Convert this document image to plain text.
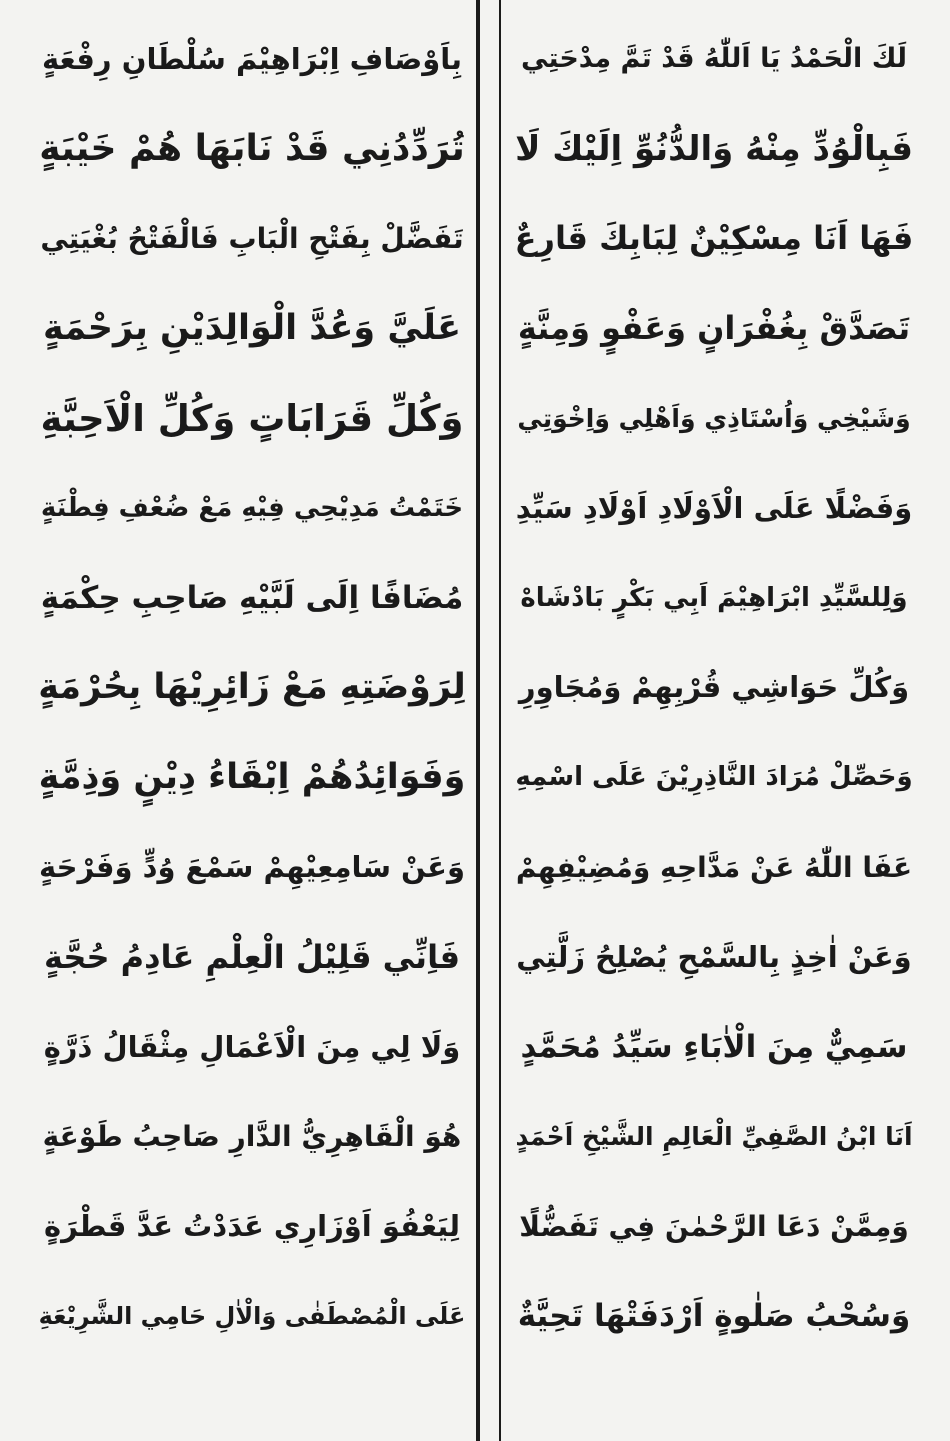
لَكَ الْحَمْدُ يَا اَللّٰهُ قَدْ تَمَّ مِدْحَتِي
فَبِالْوُدِّ مِنْهُ وَالدُّنُوِّ اِلَيْكَ لَا
فَهَا اَنَا مِسْكِيْنٌ لِبَابِكَ قَارِعٌ
تَصَدَّقْ بِغُفْرَانٍ وَعَفْوٍ وَمِنَّةٍ
وَشَيْخِي وَاُسْتَاذِي وَاَهْلِي وَاِخْوَتِي
وَفَضْلًا عَلَى الْاَوْلَادِ اَوْلَادِ سَيِّدِ
وَلِلسَّيِّدِ ابْرَاهِيْمَ اَبِي بَكْرٍ بَادْشَاهْ
وَكُلِّ حَوَاشِي قُرْبِهِمْ وَمُجَاوِرِ
وَحَصِّلْ مُرَادَ النَّاذِرِيْنَ عَلَى اسْمِهِ
عَفَا اللّٰهُ عَنْ مَدَّاحِهِ وَمُضِيْفِهِمْ
وَعَنْ اٰخِذٍ بِالسَّمْحِ يُصْلِحُ زَلَّتِي
سَمِيٌّ مِنَ الْاٰبَاءِ سَيِّدُ مُحَمَّدٍ
اَنَا ابْنُ الصَّفِيِّ الْعَالِمِ الشَّيْخِ اَحْمَدٍ
وَمِمَّنْ دَعَا الرَّحْمٰنَ فِي تَفَضُّلًا
وَسُحْبُ صَلٰوةٍ اَرْدَفَتْهَا تَحِيَّةٌ
بِاَوْصَافِ اِبْرَاهِيْمَ سُلْطَانِ رِفْعَةٍ
تُرَدِّدُنِي قَدْ نَابَهَا هُمْ خَيْبَةٍ
تَفَضَّلْ بِفَتْحِ الْبَابِ فَالْفَتْحُ بُغْيَتِي
عَلَيَّ وَعُدَّ الْوَالِدَيْنِ بِرَحْمَةٍ
وَكُلِّ قَرَابَاتٍ وَكُلِّ الْاَحِبَّةِ
خَتَمْتُ مَدِيْحِي فِيْهِ مَعْ ضُعْفِ فِطْنَةٍ
مُضَافًا اِلَى لَبَّيْهِ صَاحِبِ حِكْمَةٍ
لِرَوْضَتِهِ مَعْ زَائِرِيْهَا بِحُرْمَةٍ
وَفَوَائِدُهُمْ اِبْقَاءُ دِيْنٍ وَذِمَّةٍ
وَعَنْ سَامِعِيْهِمْ سَمْعَ وُدٍّ وَفَرْحَةٍ
فَاِنِّي قَلِيْلُ الْعِلْمِ عَادِمُ حُجَّةٍ
وَلَا لِي مِنَ الْاَعْمَالِ مِثْقَالُ ذَرَّةٍ
هُوَ الْقَاهِرِيُّ الدَّارِ صَاحِبُ طَوْعَةٍ
لِيَعْفُوَ اَوْزَارِي عَدَدْتُ عَدَّ قَطْرَةٍ
عَلَى الْمُصْطَفٰى وَالْاٰلِ حَامِي الشَّرِيْعَةِ
